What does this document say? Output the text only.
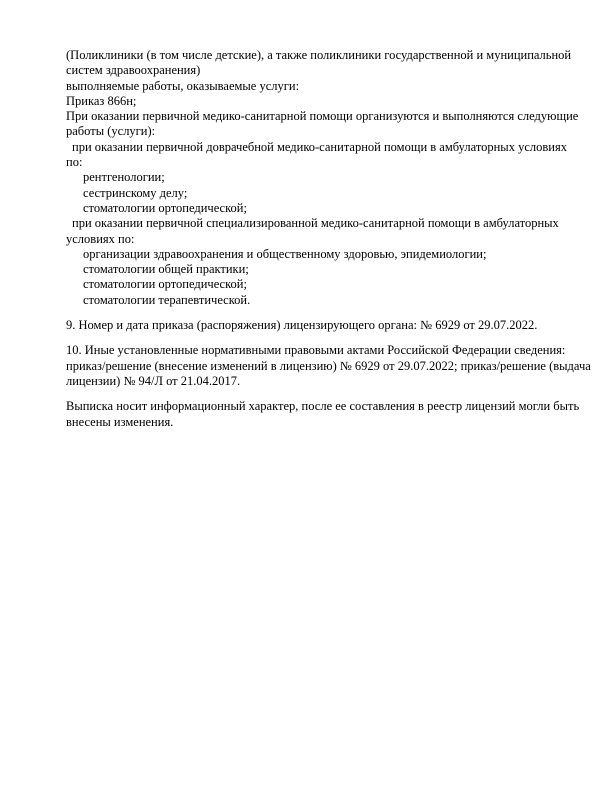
(Поликлиники (в том числе детские), а также поликлиники государственной и муниципальной
систем здравоохранения)
выполняемые работы, оказываемые услуги:
Приказ 866н;
При оказании первичной медико-санитарной помощи организуются и выполняются следующие
работы (услуги):
при оказании первичной доврачебной медико-санитарной помощи в амбулаторных условиях
по:
рентгенологии;
сестринскому делу;
стоматологии ортопедической;
при оказании первичной специализированной медико-санитарной помощи в амбулаторных
условиях по:
организации здравоохранения и общественному здоровью, эпидемиологии;
стоматологии общей практики;
стоматологии ортопедической;
стоматологии терапевтической.
9. Номер и дата приказа (распоряжения) лицензирующего органа: № 6929 от 29.07.2022.
10. Иные установленные нормативными правовыми актами Российской Федерации сведения:
приказ/решение (внесение изменений в лицензию) № 6929 от 29.07.2022; приказ/решение (выдача
лицензии) № 94/Л от 21.04.2017.
Выписка носит информационный характер, после ее составления в реестр лицензий могли быть
внесены изменения.
